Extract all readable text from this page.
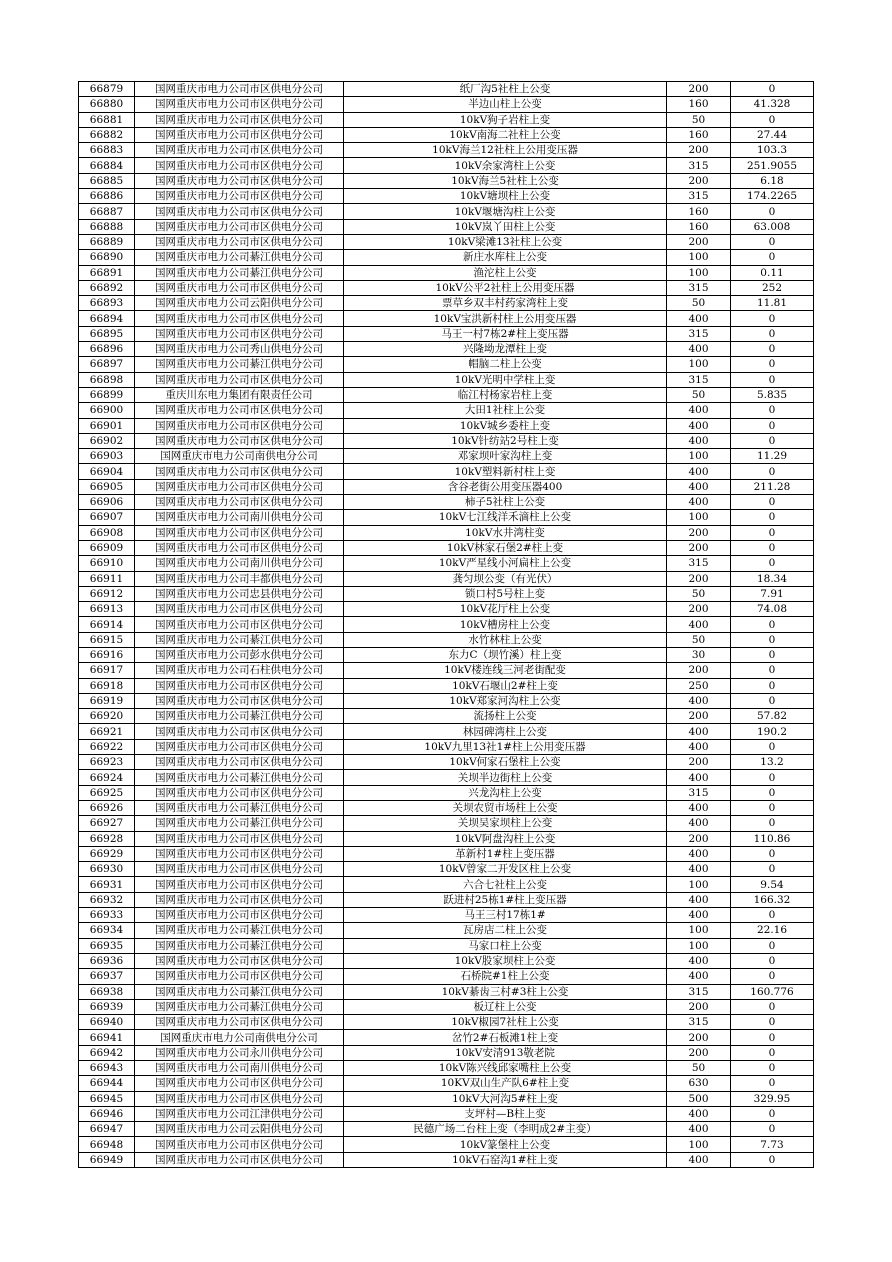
66879	国网重庆市电力公司市区供电分公司	纸厂沟5社柱上公变	200	0
66880	国网重庆市电力公司市区供电分公司	半边山柱上公变	160	41.328
66881	国网重庆市电力公司市区供电分公司	10kV狗子岩柱上变	50	0
66882	国网重庆市电力公司市区供电分公司	10kV南海二社柱上公变	160	27.44
66883	国网重庆市电力公司市区供电分公司	10kV海兰12社柱上公用变压器	200	103.3
66884	国网重庆市电力公司市区供电分公司	10kV余家湾柱上公变	315	251.9055
66885	国网重庆市电力公司市区供电分公司	10kV海兰5社柱上公变	200	6.18
66886	国网重庆市电力公司市区供电分公司	10kV塘坝柱上公变	315	174.2265
66887	国网重庆市电力公司市区供电分公司	10kV堰塘沟柱上公变	160	0
66888	国网重庆市电力公司市区供电分公司	10kV岚丫田柱上公变	160	63.008
66889	国网重庆市电力公司市区供电分公司	10kV梁滩13社柱上公变	200	0
66890	国网重庆市电力公司綦江供电分公司	新庄水库柱上公变	100	0
66891	国网重庆市电力公司綦江供电分公司	渔沱柱上公变	100	0.11
66892	国网重庆市电力公司市区供电分公司	10kV公平2社柱上公用变压器	315	252
66893	国网重庆市电力公司云阳供电分公司	票草乡双丰村药家湾柱上变	50	11.81
66894	国网重庆市电力公司市区供电分公司	10kV宝洪新村柱上公用变压器	400	0
66895	国网重庆市电力公司市区供电分公司	马王一村7栋2#柱上变压器	315	0
66896	国网重庆市电力公司秀山供电分公司	兴隆坳龙潭柱上变	400	0
66897	国网重庆市电力公司綦江供电分公司	帽脑二柱上公变	100	0
66898	国网重庆市电力公司市区供电分公司	10kV光明中学柱上变	315	0
66899	重庆川东电力集团有限责任公司	临江村杨家岩柱上变	50	5.835
66900	国网重庆市电力公司市区供电分公司	大田1社柱上公变	400	0
66901	国网重庆市电力公司市区供电分公司	10kV城乡委柱上变	400	0
66902	国网重庆市电力公司市区供电分公司	10kV针纺站2号柱上变	400	0
66903	国网重庆市电力公司南供电分公司	邓家坝叶家沟柱上变	100	11.29
66904	国网重庆市电力公司市区供电分公司	10kV塑料新村柱上变	400	0
66905	国网重庆市电力公司市区供电分公司	含谷老街公用变压器400	400	211.28
66906	国网重庆市电力公司市区供电分公司	柿子5社柱上公变	400	0
66907	国网重庆市电力公司南川供电分公司	10kV七江线洋禾滴柱上公变	100	0
66908	国网重庆市电力公司市区供电分公司	10kV水井湾柱变	200	0
66909	国网重庆市电力公司市区供电分公司	10kV林家石堡2#柱上变	200	0
66910	国网重庆市电力公司南川供电分公司	10kV严星线小河扁柱上公变	315	0
66911	国网重庆市电力公司丰都供电分公司	龚匀坝公变（有光伏）	200	18.34
66912	国网重庆市电力公司忠县供电分公司	锁口村5号柱上变	50	7.91
66913	国网重庆市电力公司市区供电分公司	10kV花厅柱上公变	200	74.08
66914	国网重庆市电力公司市区供电分公司	10kV槽房柱上公变	400	0
66915	国网重庆市电力公司綦江供电分公司	水竹林柱上公变	50	0
66916	国网重庆市电力公司彭水供电分公司	东力C（坝竹溪）柱上变	30	0
66917	国网重庆市电力公司石柱供电分公司	10kV楼连线三河老街配变	200	0
66918	国网重庆市电力公司市区供电分公司	10kV石堰山2#柱上变	250	0
66919	国网重庆市电力公司市区供电分公司	10kV郑家河沟柱上公变	400	0
66920	国网重庆市电力公司綦江供电分公司	流扬柱上公变	200	57.82
66921	国网重庆市电力公司市区供电分公司	林园碑湾柱上公变	400	190.2
66922	国网重庆市电力公司市区供电分公司	10kV九里13社1#柱上公用变压器	400	0
66923	国网重庆市电力公司市区供电分公司	10kV何家石堡柱上公变	200	13.2
66924	国网重庆市电力公司綦江供电分公司	关坝半边街柱上公变	400	0
66925	国网重庆市电力公司市区供电分公司	兴龙沟柱上公变	315	0
66926	国网重庆市电力公司綦江供电分公司	关坝农贸市场柱上公变	400	0
66927	国网重庆市电力公司綦江供电分公司	关坝吴家坝柱上公变	400	0
66928	国网重庆市电力公司市区供电分公司	10kV阿盘沟柱上公变	200	110.86
66929	国网重庆市电力公司市区供电分公司	革新村1#柱上变压器	400	0
66930	国网重庆市电力公司市区供电分公司	10kV曾家二开发区柱上公变	400	0
66931	国网重庆市电力公司市区供电分公司	六合七社柱上公变	100	9.54
66932	国网重庆市电力公司市区供电分公司	跃进村25栋1#柱上变压器	400	166.32
66933	国网重庆市电力公司市区供电分公司	马王三村17栋1#	400	0
66934	国网重庆市电力公司綦江供电分公司	瓦房店二柱上公变	100	22.16
66935	国网重庆市电力公司綦江供电分公司	马家口柱上公变	100	0
66936	国网重庆市电力公司市区供电分公司	10kV股家坝柱上公变	400	0
66937	国网重庆市电力公司市区供电分公司	石桥院#1柱上公变	400	0
66938	国网重庆市电力公司綦江供电分公司	10kV綦齿三村#3柱上公变	315	160.776
66939	国网重庆市电力公司綦江供电分公司	板辽柱上公变	200	0
66940	国网重庆市电力公司市区供电分公司	10kV椒园7社柱上公变	315	0
66941	国网重庆市电力公司南供电分公司	岔竹2#石板滩1柱上变	200	0
66942	国网重庆市电力公司永川供电分公司	10kV安清913敬老院	200	0
66943	国网重庆市电力公司南川供电分公司	10kV陈兴线邱家嘴柱上公变	50	0
66944	国网重庆市电力公司市区供电分公司	10KV双山生产队6#柱上变	630	0
66945	国网重庆市电力公司市区供电分公司	10kV大河沟5#柱上变	500	329.95
66946	国网重庆市电力公司江津供电分公司	支坪村—B柱上变	400	0
66947	国网重庆市电力公司云阳供电分公司	民德广场二台柱上变（李明成2#主变）	400	0
66948	国网重庆市电力公司市区供电分公司	10kV篆堡柱上公变	100	7.73
66949	国网重庆市电力公司市区供电分公司	10kV石窑沟1#柱上变	400	0
